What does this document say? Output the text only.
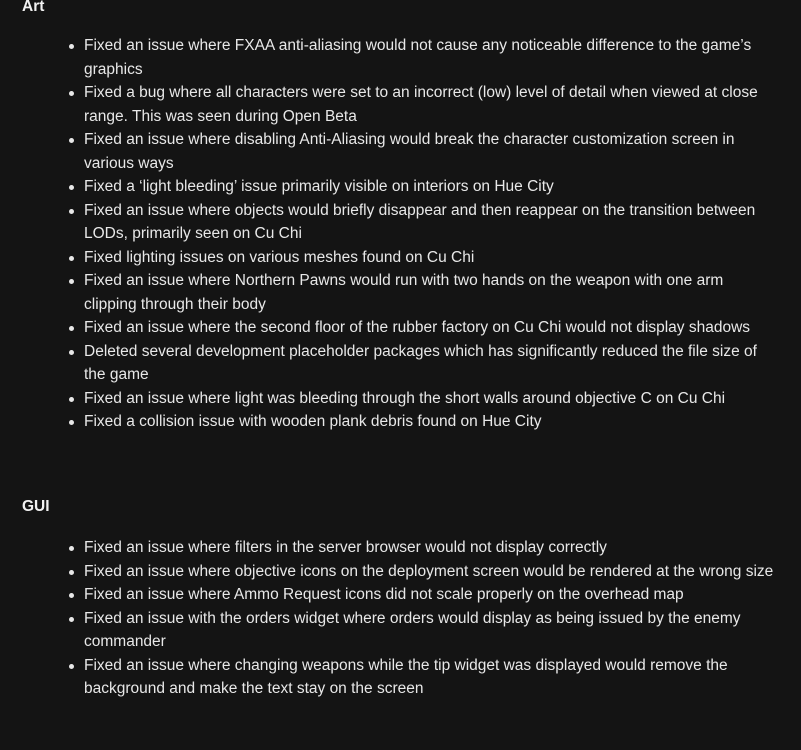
Art
Fixed an issue where FXAA anti-aliasing would not cause any noticeable difference to the game’s graphics
Fixed a bug where all characters were set to an incorrect (low) level of detail when viewed at close range. This was seen during Open Beta
Fixed an issue where disabling Anti-Aliasing would break the character customization screen in various ways
Fixed a ‘light bleeding’ issue primarily visible on interiors on Hue City
Fixed an issue where objects would briefly disappear and then reappear on the transition between LODs, primarily seen on Cu Chi
Fixed lighting issues on various meshes found on Cu Chi
Fixed an issue where Northern Pawns would run with two hands on the weapon with one arm clipping through their body
Fixed an issue where the second floor of the rubber factory on Cu Chi would not display shadows
Deleted several development placeholder packages which has significantly reduced the file size of the game
Fixed an issue where light was bleeding through the short walls around objective C on Cu Chi
Fixed a collision issue with wooden plank debris found on Hue City
GUI
Fixed an issue where filters in the server browser would not display correctly
Fixed an issue where objective icons on the deployment screen would be rendered at the wrong size
Fixed an issue where Ammo Request icons did not scale properly on the overhead map
Fixed an issue with the orders widget where orders would display as being issued by the enemy commander
Fixed an issue where changing weapons while the tip widget was displayed would remove the background and make the text stay on the screen
